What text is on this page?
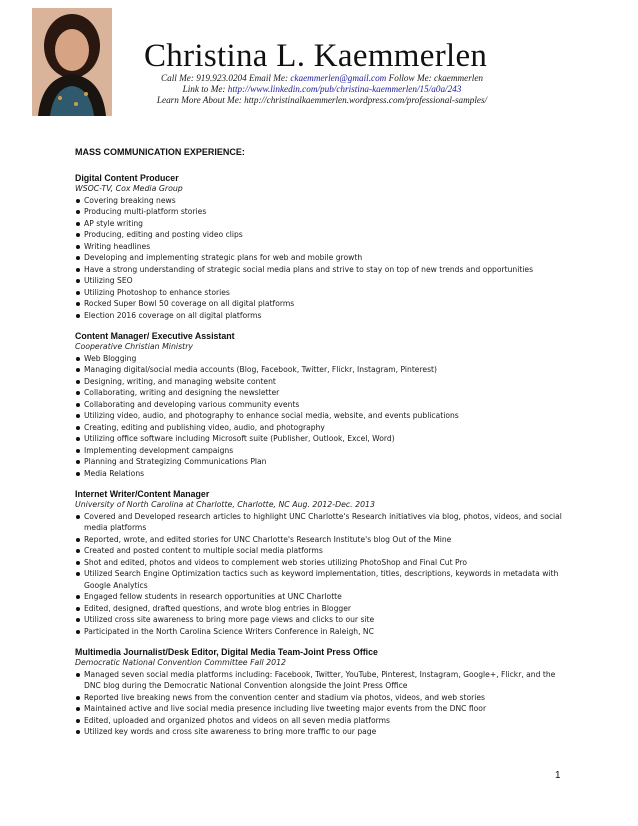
Christina L. Kaemmerlen
Call Me: 919.923.0204 Email Me: ckaemmerlen@gmail.com Follow Me: ckaemmerlen
Link to Me: http://www.linkedin.com/pub/christina-kaemmerlen/15/a0a/243
Learn More About Me: http://christinalkaemmerlen.wordpress.com/professional-samples/
MASS COMMUNICATION EXPERIENCE:
Digital Content Producer
WSOC-TV, Cox Media Group
Covering breaking news
Producing multi-platform stories
AP style writing
Producing, editing and posting video clips
Writing headlines
Developing and implementing strategic plans for web and mobile growth
Have a strong understanding of strategic social media plans and strive to stay on top of new trends and opportunities
Utilizing SEO
Utilizing Photoshop to enhance stories
Rocked Super Bowl 50 coverage on all digital platforms
Election 2016 coverage on all digital platforms
Content Manager/ Executive Assistant
Cooperative Christian Ministry
Web Blogging
Managing digital/social media accounts (Blog, Facebook, Twitter, Flickr, Instagram, Pinterest)
Designing, writing, and managing website content
Collaborating, writing and designing the newsletter
Collaborating and developing various community events
Utilizing video, audio, and photography to enhance social media, website, and events publications
Creating, editing and publishing video, audio, and photography
Utilizing office software including Microsoft suite (Publisher, Outlook, Excel, Word)
Implementing development campaigns
Planning and Strategizing Communications Plan
Media Relations
Internet Writer/Content Manager
University of North Carolina at Charlotte, Charlotte, NC Aug. 2012-Dec. 2013
Covered and Developed research articles to highlight UNC Charlotte's Research initiatives via blog, photos, videos, and social media platforms
Reported, wrote, and edited stories for UNC Charlotte's Research Institute's blog Out of the Mine
Created and posted content to multiple social media platforms
Shot and edited, photos and videos to complement web stories utilizing PhotoShop and Final Cut Pro
Utilized Search Engine Optimization tactics such as keyword implementation, titles, descriptions, keywords in metadata with Google Analytics
Engaged fellow students in research opportunities at UNC Charlotte
Edited, designed, drafted questions, and wrote blog entries in Blogger
Utilized cross site awareness to bring more page views and clicks to our site
Participated in the North Carolina Science Writers Conference in Raleigh, NC
Multimedia Journalist/Desk Editor, Digital Media Team-Joint Press Office
Democratic National Convention Committee Fall 2012
Managed seven social media platforms including: Facebook, Twitter, YouTube, Pinterest, Instagram, Google+, Flickr, and the DNC blog during the Democratic National Convention alongside the Joint Press Office
Reported live breaking news from the convention center and stadium via photos, videos, and web stories
Maintained active and live social media presence including live tweeting major events from the DNC floor
Edited, uploaded and organized photos and videos on all seven media platforms
Utilized key words and cross site awareness to bring more traffic to our page
1
